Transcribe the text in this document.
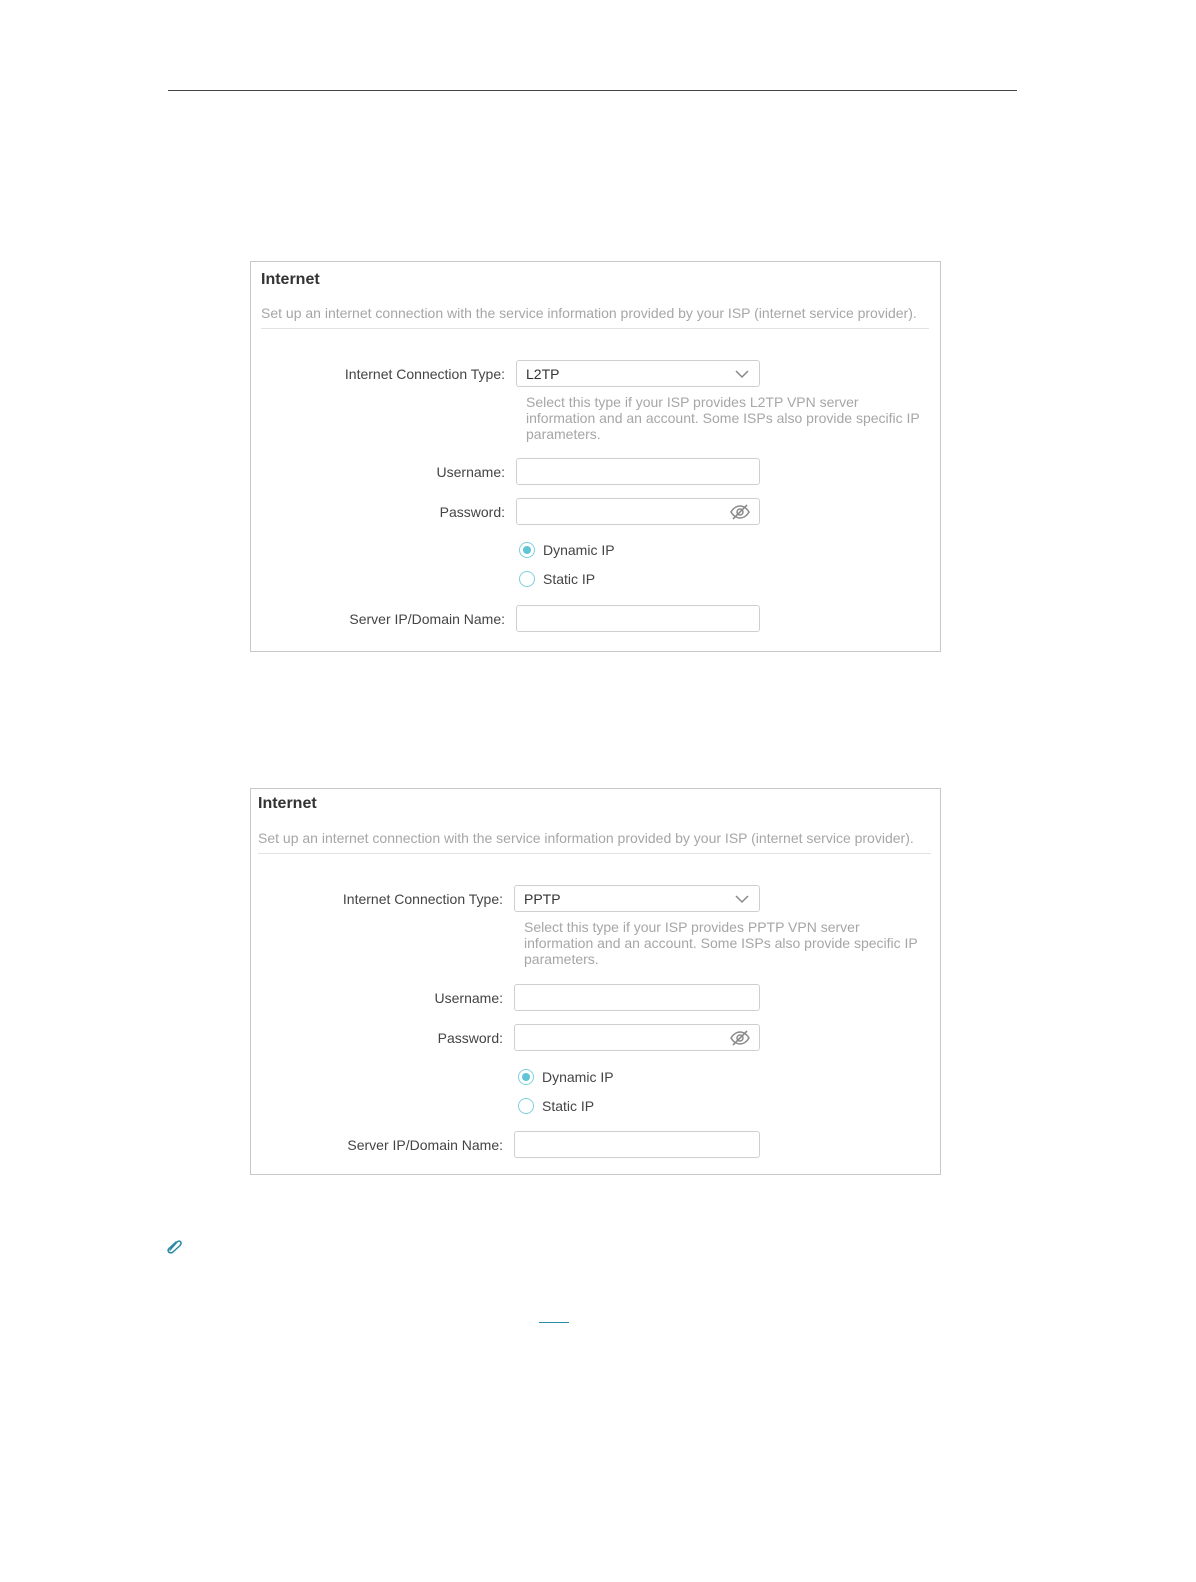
Internet
Set up an internet connection with the service information provided by your ISP (internet service provider).
Internet Connection Type: L2TP
Select this type if your ISP provides L2TP VPN server information and an account. Some ISPs also provide specific IP parameters.
Username:
Password:
Dynamic IP
Static IP
Server IP/Domain Name:
Internet
Set up an internet connection with the service information provided by your ISP (internet service provider).
Internet Connection Type: PPTP
Select this type if your ISP provides PPTP VPN server information and an account. Some ISPs also provide specific IP parameters.
Username:
Password:
Dynamic IP
Static IP
Server IP/Domain Name:
